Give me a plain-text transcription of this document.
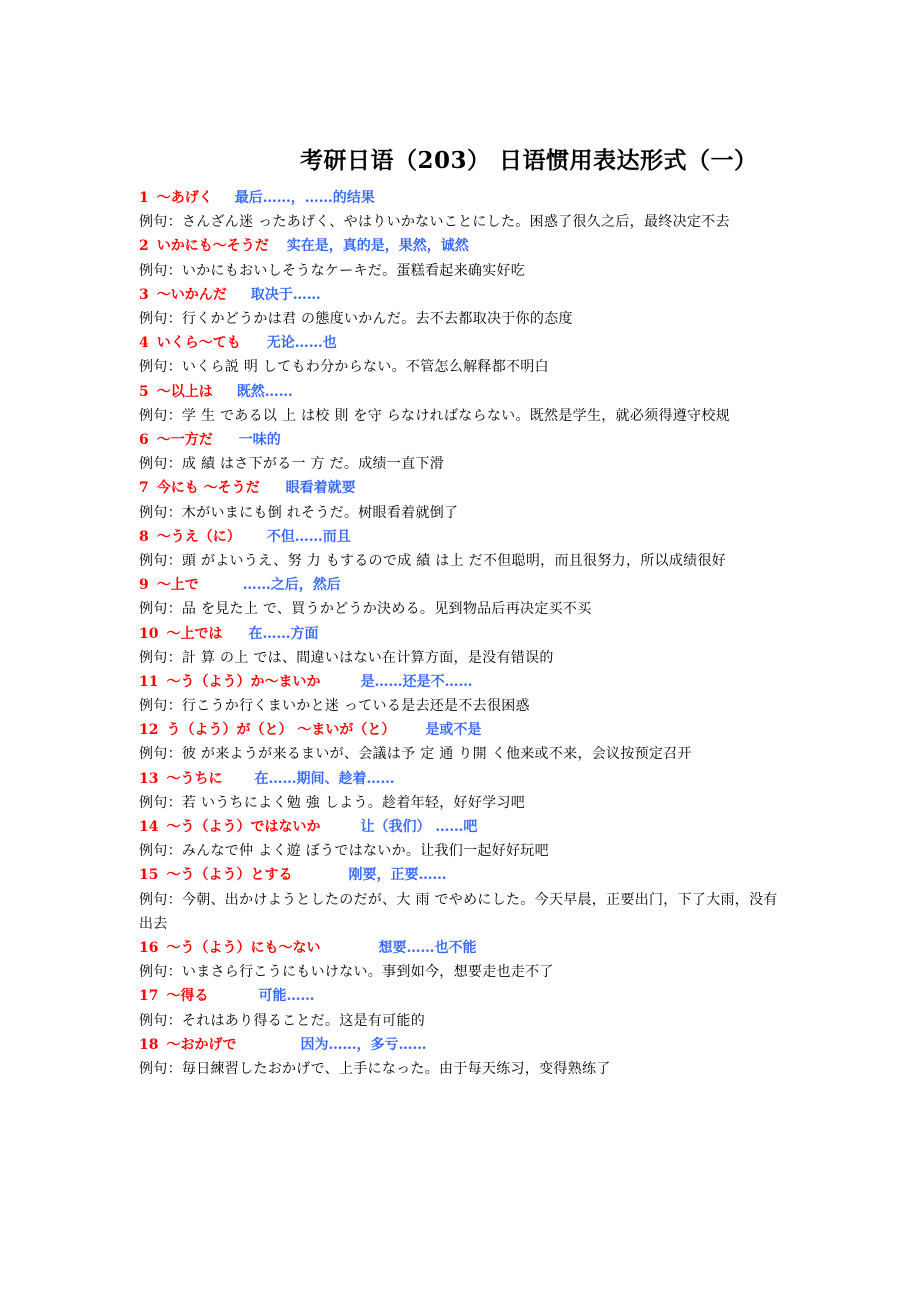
考研日语（203） 日语惯用表达形式（一）
1 〜あげく 最后……，……的结果
例句：さんざん迷 ったあげく、やはりいかないことにした。困惑了很久之后，最终决定不去
2 いかにも〜そうだ 实在是，真的是，果然，诚然
例句：いかにもおいしそうなケーキだ。蛋糕看起来确实好吃
3 〜いかんだ 取决于……
例句：行くかどうかは君 の態度いかんだ。去不去都取决于你的态度
4 いくら〜ても 无论……也
例句：いくら説 明 してもわ分からない。不管怎么解释都不明白
5 〜以上は 既然……
例句：学 生 である以 上 は校 則 を守 らなければならない。既然是学生，就必须得遵守校规
6 〜一方だ 一味的
例句：成 績 はさ下がる一 方 だ。成绩一直下滑
7 今にも 〜そうだ 眼看着就要
例句：木がいまにも倒 れそうだ。树眼看着就倒了
8 〜うえ（に） 不但……而且
例句：頭 がよいうえ、努 力 もするので成 績 は上 だ不但聪明，而且很努力，所以成绩很好
9 〜上で	……之后，然后
例句：品 を見た上 で、買うかどうか決める。见到物品后再决定买不买
10 〜上では 在……方面
例句：計 算 の上 では、間違いはない在计算方面，是没有错误的
11 〜う（よう）か〜まいか	是……还是不……
例句：行こうか行くまいかと迷 っている是去还是不去很困惑
12 う（よう）が（と） 〜まいが（と） 是或不是
例句：彼 が来ようが来るまいが、会議は予 定 通 り開 く他来或不来，会议按预定召开
13 〜うちに 在……期间、趁着……
例句：若 いうちによく勉 強 しよう。趁着年轻，好好学习吧
14 〜う（よう）ではないか	让（我们） ……吧
例句：みんなで仲 よく遊 ぼうではないか。让我们一起好好玩吧
15 〜う（よう）とする	刚要，正要……
例句：今朝、出かけようとしたのだが、大 雨 でやめにした。今天早晨，正要出门，下了大雨，没有出去
16 〜う（よう）にも〜ない	想要……也不能
例句：いまさら行こうにもいけない。事到如今，想要走也走不了
17 〜得る	可能……
例句：それはあり得ることだ。这是有可能的
18 〜おかげで	因为……，多亏……
例句：毎日練習したおかげで、上手になった。由于每天练习，变得熟练了
